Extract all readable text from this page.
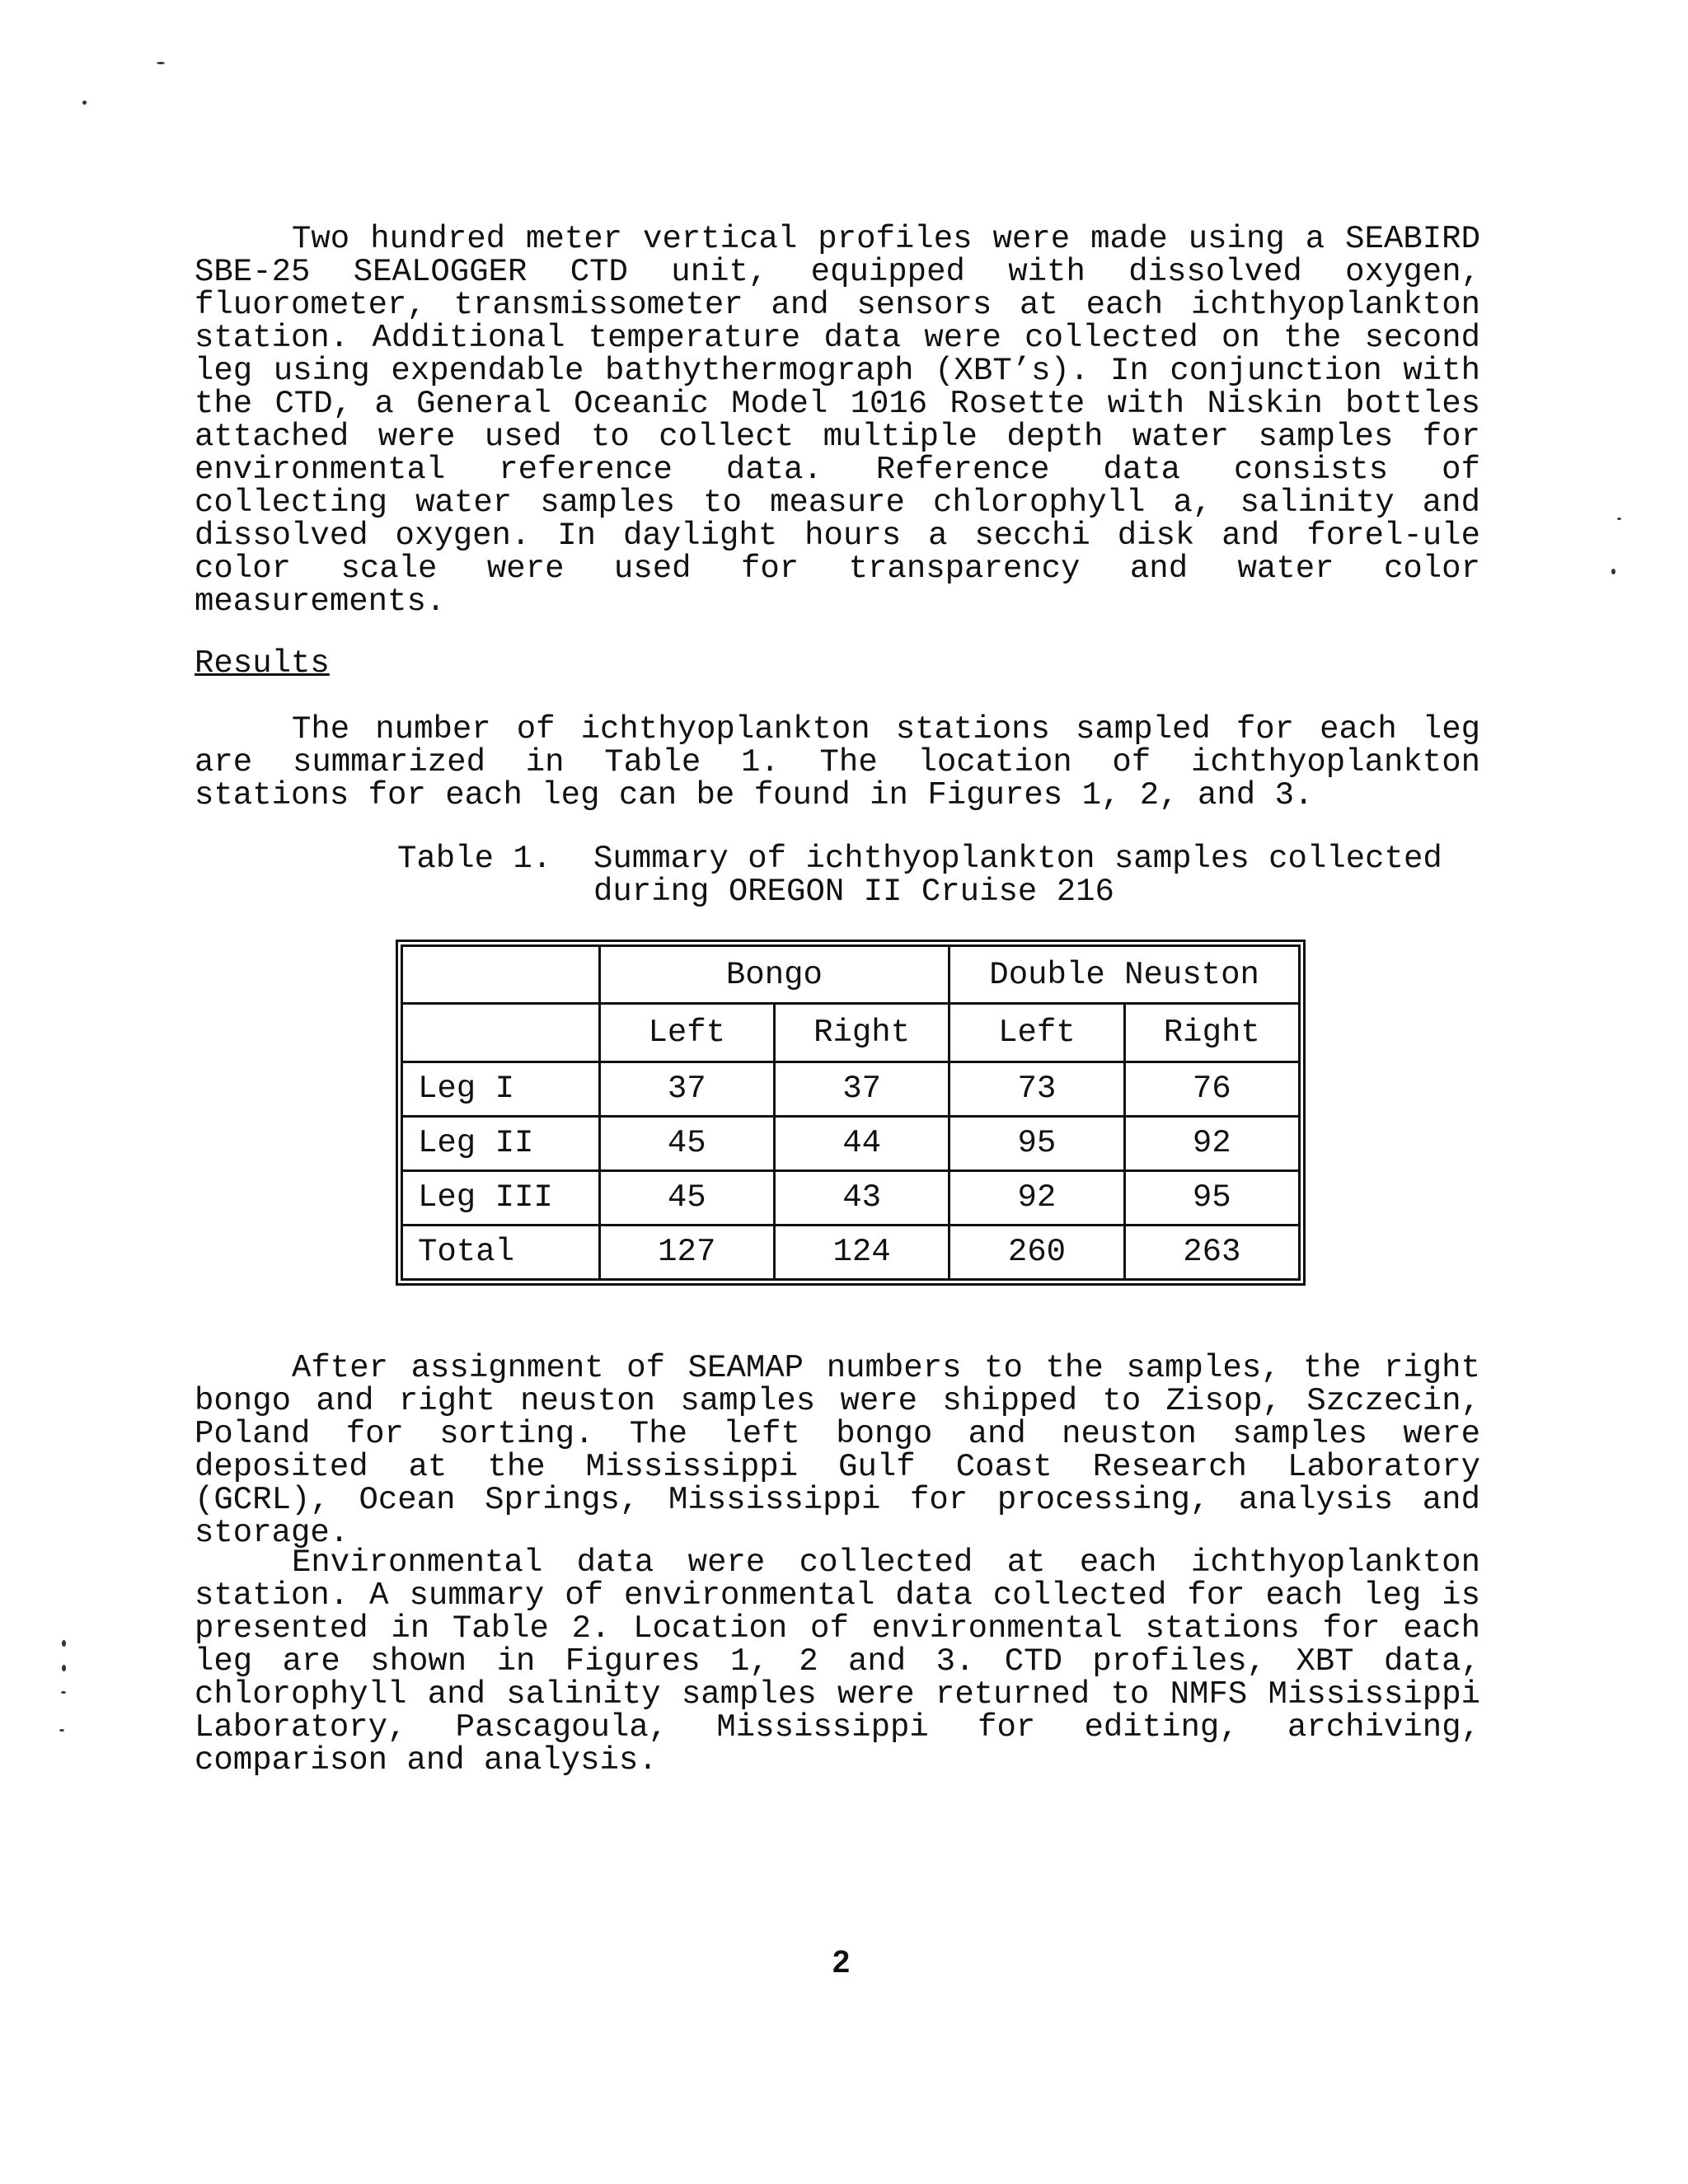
Two hundred meter vertical profiles were made using a SEABIRD SBE-25 SEALOGGER CTD unit, equipped with dissolved oxygen, fluorometer, transmissometer and sensors at each ichthyoplankton station. Additional temperature data were collected on the second leg using expendable bathythermograph (XBT’s). In conjunction with the CTD, a General Oceanic Model 1016 Rosette with Niskin bottles attached were used to collect multiple depth water samples for environmental reference data. Reference data consists of collecting water samples to measure chlorophyll a, salinity and dissolved oxygen. In daylight hours a secchi disk and forel-ule color scale were used for transparency and water color measurements.

Results

The number of ichthyoplankton stations sampled for each leg are summarized in Table 1. The location of ichthyoplankton stations for each leg can be found in Figures 1, 2, and 3.

Table 1. Summary of ichthyoplankton samples collected during OREGON II Cruise 216
	Bongo		Double Neuston	
	Left	Right	Left	Right
Leg I	37	37	73	76
Leg II	45	44	95	92
Leg III	45	43	92	95
Total	127	124	260	263

After assignment of SEAMAP numbers to the samples, the right bongo and right neuston samples were shipped to Zisop, Szczecin, Poland for sorting. The left bongo and neuston samples were deposited at the Mississippi Gulf Coast Research Laboratory (GCRL), Ocean Springs, Mississippi for processing, analysis and storage.

Environmental data were collected at each ichthyoplankton station. A summary of environmental data collected for each leg is presented in Table 2. Location of environmental stations for each leg are shown in Figures 1, 2 and 3. CTD profiles, XBT data, chlorophyll and salinity samples were returned to NMFS Mississippi Laboratory, Pascagoula, Mississippi for editing, archiving, comparison and analysis.

2
